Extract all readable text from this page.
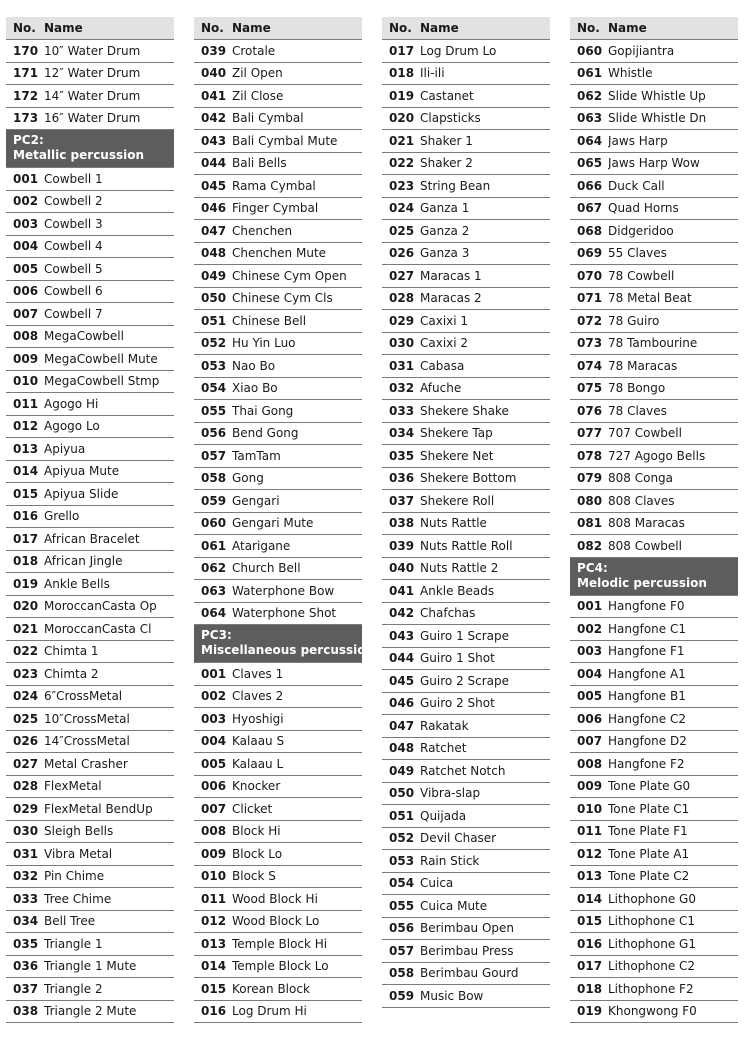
No. Name
170 10″ Water Drum
171 12″ Water Drum
172 14″ Water Drum
173 16″ Water Drum
PC2:
Metallic percussion
001 Cowbell 1
002 Cowbell 2
003 Cowbell 3
004 Cowbell 4
005 Cowbell 5
006 Cowbell 6
007 Cowbell 7
008 MegaCowbell
009 MegaCowbell Mute
010 MegaCowbell Stmp
011 Agogo Hi
012 Agogo Lo
013 Apiyua
014 Apiyua Mute
015 Apiyua Slide
016 Grello
017 African Bracelet
018 African Jingle
019 Ankle Bells
020 MoroccanCasta Op
021 MoroccanCasta Cl
022 Chimta 1
023 Chimta 2
024 6″CrossMetal
025 10″CrossMetal
026 14″CrossMetal
027 Metal Crasher
028 FlexMetal
029 FlexMetal BendUp
030 Sleigh Bells
031 Vibra Metal
032 Pin Chime
033 Tree Chime
034 Bell Tree
035 Triangle 1
036 Triangle 1 Mute
037 Triangle 2
038 Triangle 2 Mute
No. Name
039 Crotale
040 Zil Open
041 Zil Close
042 Bali Cymbal
043 Bali Cymbal Mute
044 Bali Bells
045 Rama Cymbal
046 Finger Cymbal
047 Chenchen
048 Chenchen Mute
049 Chinese Cym Open
050 Chinese Cym Cls
051 Chinese Bell
052 Hu Yin Luo
053 Nao Bo
054 Xiao Bo
055 Thai Gong
056 Bend Gong
057 TamTam
058 Gong
059 Gengari
060 Gengari Mute
061 Atarigane
062 Church Bell
063 Waterphone Bow
064 Waterphone Shot
PC3:
Miscellaneous percussion
001 Claves 1
002 Claves 2
003 Hyoshigi
004 Kalaau S
005 Kalaau L
006 Knocker
007 Clicket
008 Block Hi
009 Block Lo
010 Block S
011 Wood Block Hi
012 Wood Block Lo
013 Temple Block Hi
014 Temple Block Lo
015 Korean Block
016 Log Drum Hi
No. Name
017 Log Drum Lo
018 Ili-ili
019 Castanet
020 Clapsticks
021 Shaker 1
022 Shaker 2
023 String Bean
024 Ganza 1
025 Ganza 2
026 Ganza 3
027 Maracas 1
028 Maracas 2
029 Caxixi 1
030 Caxixi 2
031 Cabasa
032 Afuche
033 Shekere Shake
034 Shekere Tap
035 Shekere Net
036 Shekere Bottom
037 Shekere Roll
038 Nuts Rattle
039 Nuts Rattle Roll
040 Nuts Rattle 2
041 Ankle Beads
042 Chafchas
043 Guiro 1 Scrape
044 Guiro 1 Shot
045 Guiro 2 Scrape
046 Guiro 2 Shot
047 Rakatak
048 Ratchet
049 Ratchet Notch
050 Vibra-slap
051 Quijada
052 Devil Chaser
053 Rain Stick
054 Cuica
055 Cuica Mute
056 Berimbau Open
057 Berimbau Press
058 Berimbau Gourd
059 Music Bow
No. Name
060 Gopijiantra
061 Whistle
062 Slide Whistle Up
063 Slide Whistle Dn
064 Jaws Harp
065 Jaws Harp Wow
066 Duck Call
067 Quad Horns
068 Didgeridoo
069 55 Claves
070 78 Cowbell
071 78 Metal Beat
072 78 Guiro
073 78 Tambourine
074 78 Maracas
075 78 Bongo
076 78 Claves
077 707 Cowbell
078 727 Agogo Bells
079 808 Conga
080 808 Claves
081 808 Maracas
082 808 Cowbell
PC4:
Melodic percussion
001 Hangfone F0
002 Hangfone C1
003 Hangfone F1
004 Hangfone A1
005 Hangfone B1
006 Hangfone C2
007 Hangfone D2
008 Hangfone F2
009 Tone Plate G0
010 Tone Plate C1
011 Tone Plate F1
012 Tone Plate A1
013 Tone Plate C2
014 Lithophone G0
015 Lithophone C1
016 Lithophone G1
017 Lithophone C2
018 Lithophone F2
019 Khongwong F0
